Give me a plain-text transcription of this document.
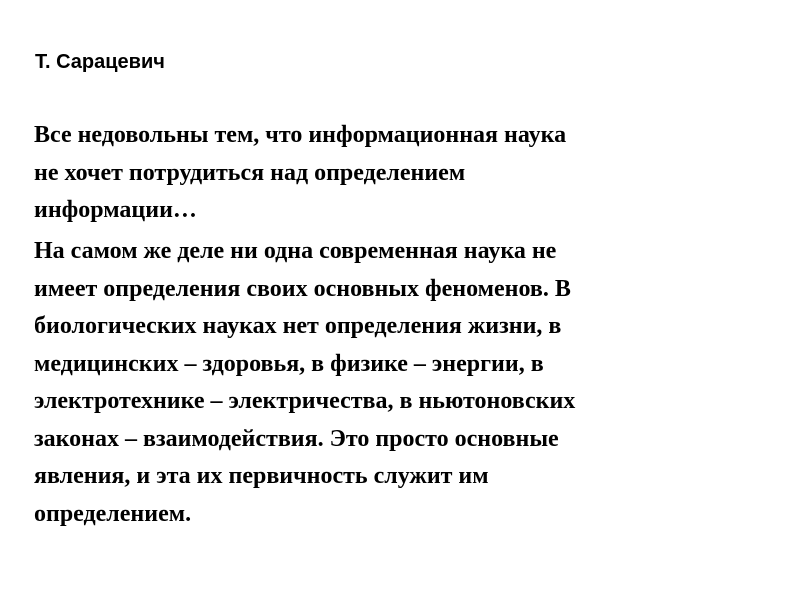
Т. Сарацевич

Все недовольны тем, что информационная наука
не хочет потрудиться над определением
информации…

На самом же деле ни одна современная наука не
имеет определения своих основных феноменов. В
биологических науках нет определения жизни, в
медицинских – здоровья, в физике – энергии, в
электротехнике – электричества, в ньютоновских
законах – взаимодействия. Это просто основные
явления, и эта их первичность служит им
определением.
